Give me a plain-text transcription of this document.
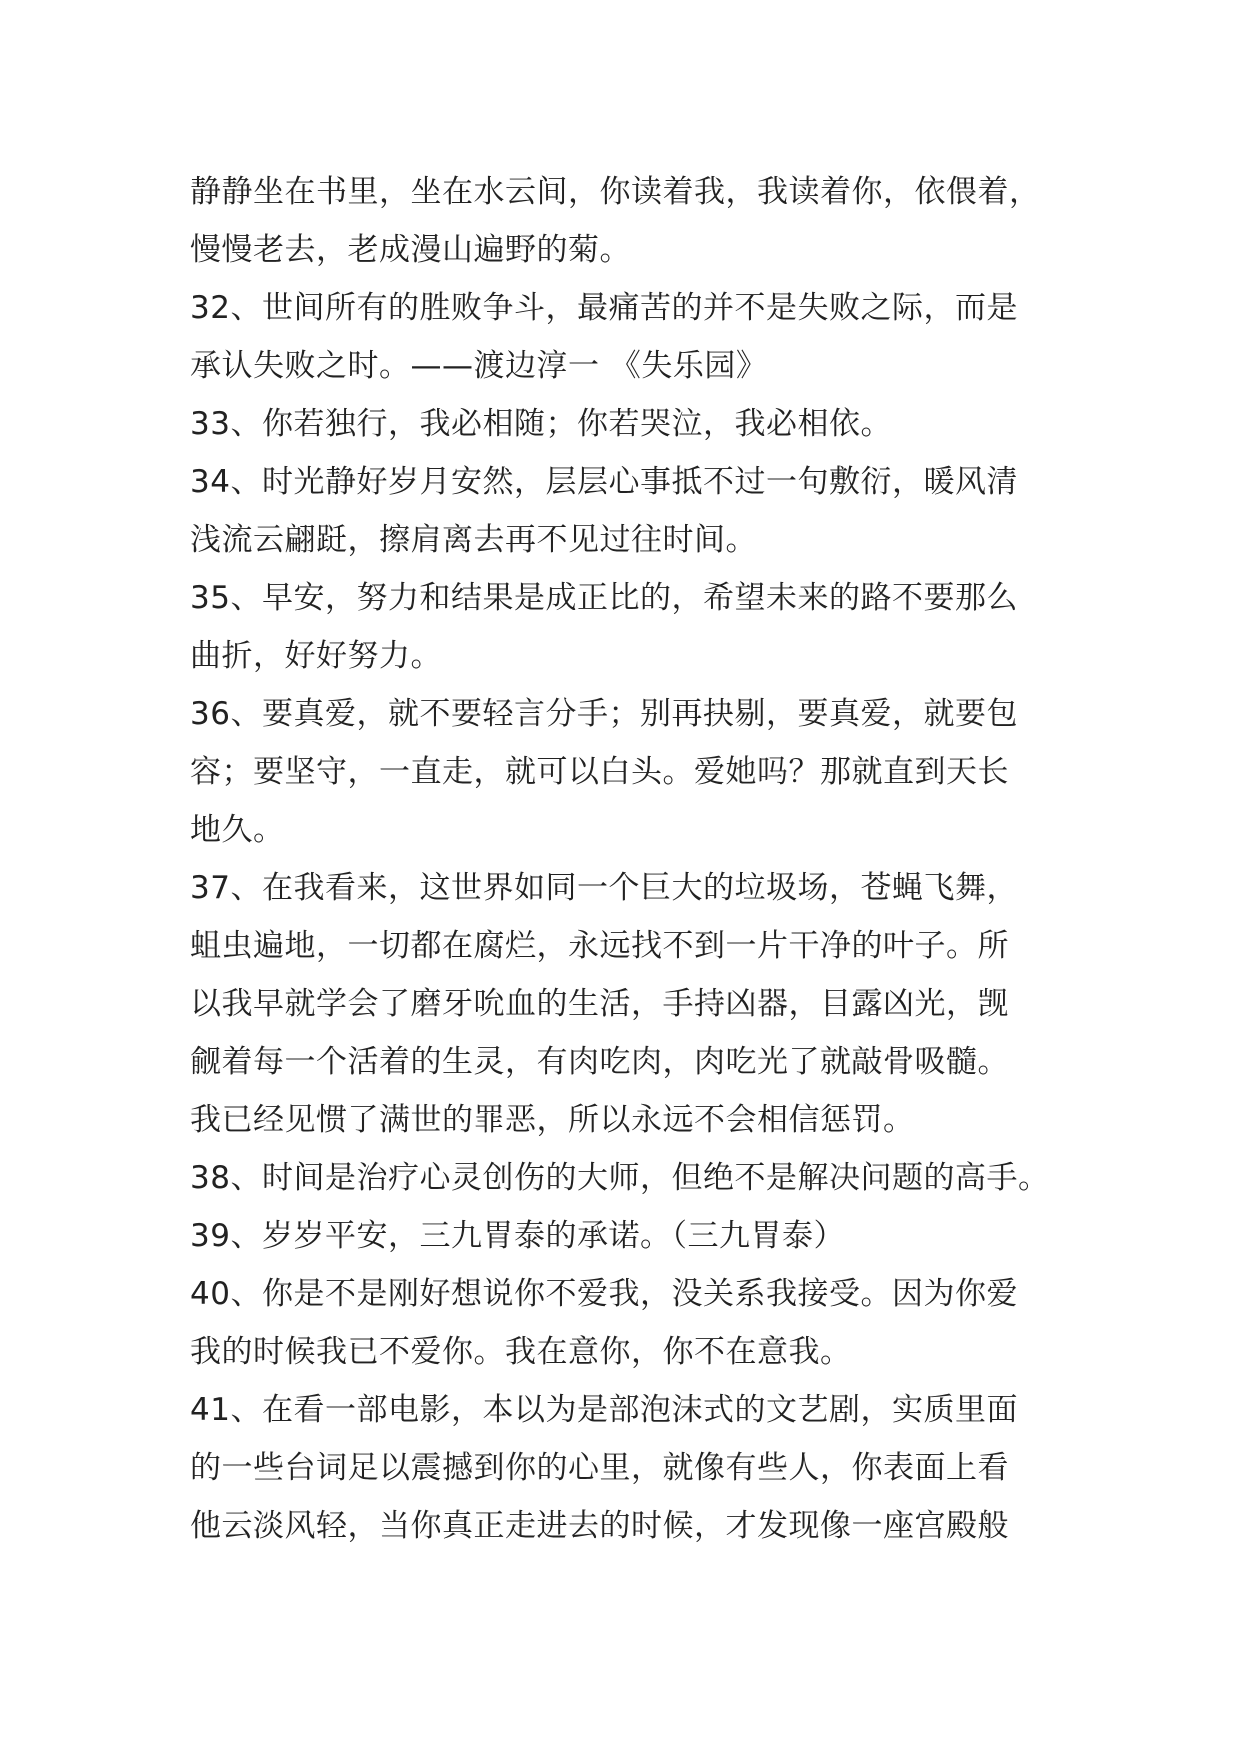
静静坐在书里，坐在水云间，你读着我，我读着你，依偎着，
慢慢老去，老成漫山遍野的菊。
32、世间所有的胜败争斗，最痛苦的并不是失败之际，而是
承认失败之时。——渡边淳一 《失乐园》
33、你若独行，我必相随；你若哭泣，我必相依。
34、时光静好岁月安然，层层心事抵不过一句敷衍，暖风清
浅流云翩跹，擦肩离去再不见过往时间。
35、早安，努力和结果是成正比的，希望未来的路不要那么
曲折，好好努力。
36、要真爱，就不要轻言分手；别再抉剔，要真爱，就要包
容；要坚守，一直走，就可以白头。爱她吗？那就直到天长
地久。
37、在我看来，这世界如同一个巨大的垃圾场，苍蝇飞舞，
蛆虫遍地，一切都在腐烂，永远找不到一片干净的叶子。所
以我早就学会了磨牙吮血的生活，手持凶器，目露凶光，觊
觎着每一个活着的生灵，有肉吃肉，肉吃光了就敲骨吸髓。
我已经见惯了满世的罪恶，所以永远不会相信惩罚。
38、时间是治疗心灵创伤的大师，但绝不是解决问题的高手。
39、岁岁平安，三九胃泰的承诺。（三九胃泰）
40、你是不是刚好想说你不爱我，没关系我接受。因为你爱
我的时候我已不爱你。我在意你，你不在意我。
41、在看一部电影，本以为是部泡沫式的文艺剧，实质里面
的一些台词足以震撼到你的心里，就像有些人，你表面上看
他云淡风轻，当你真正走进去的时候，才发现像一座宫殿般
